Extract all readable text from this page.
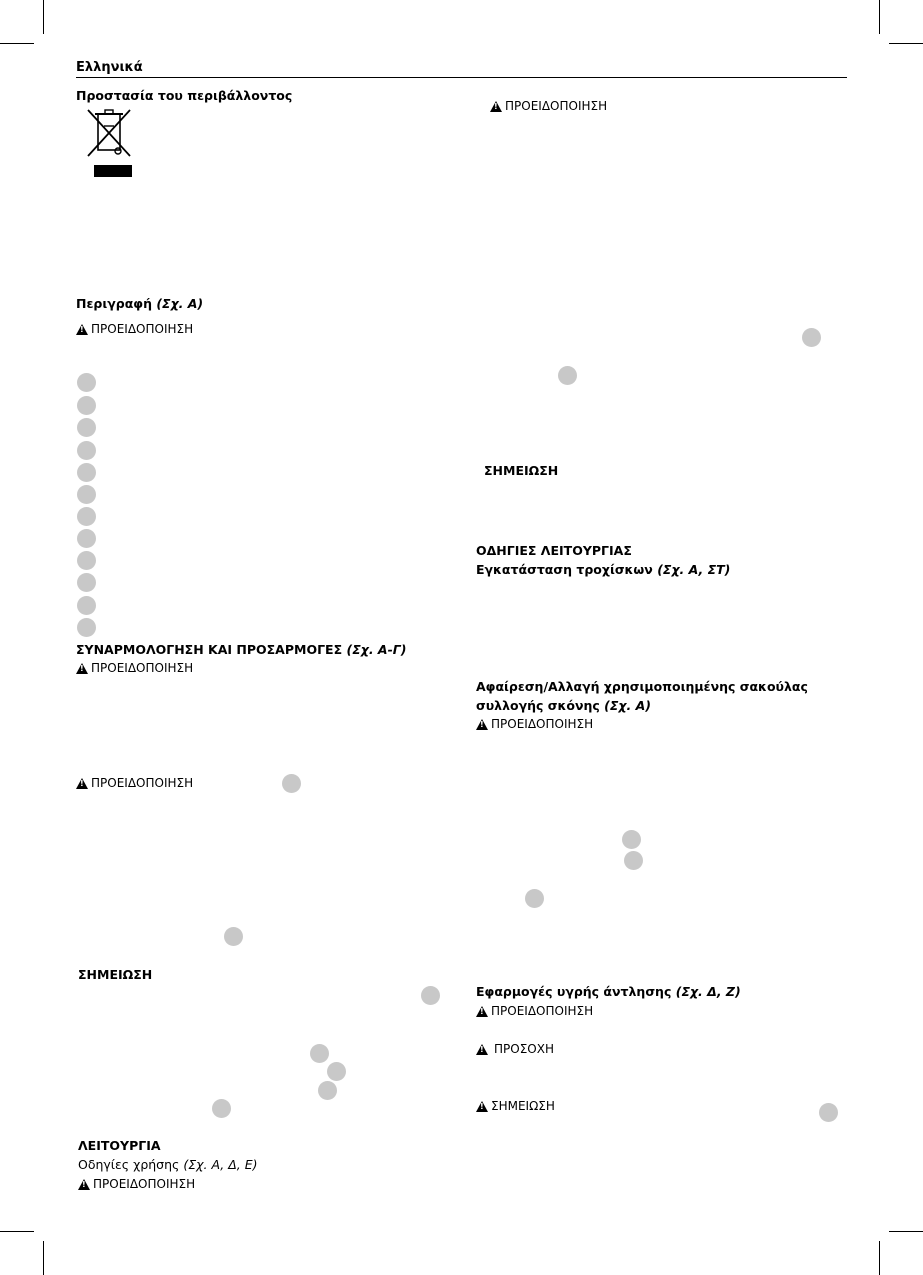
Ελληνικά
Προστασία του περιβάλλοντος
Περιγραφή (Σχ. A)
!
ΠΡΟΕΙΔΟΠΟΙΗΣΗ
ΣΥΝΑΡΜΟΛΟΓΗΣΗ ΚΑΙ ΠΡΟΣΑΡΜΟΓΕΣ (Σχ. A-Γ)
!
ΠΡΟΕΙΔΟΠΟΙΗΣΗ
!
ΠΡΟΕΙΔΟΠΟΙΗΣΗ
ΣΗΜΕΙΩΣΗ
ΛΕΙΤΟΥΡΓΙΑ
Οδηγίες χρήσης (Σχ. A, Δ, E)
!
ΠΡΟΕΙΔΟΠΟΙΗΣΗ
!
ΠΡΟΕΙΔΟΠΟΙΗΣΗ
ΣΗΜΕΙΩΣΗ
ΟΔΗΓΙΕΣ ΛΕΙΤΟΥΡΓΙΑΣ
Εγκατάσταση τροχίσκων (Σχ. A, ΣΤ)
Αφαίρεση/Αλλαγή χρησιμοποιημένης σακούλας
συλλογής σκόνης (Σχ. A)
!
ΠΡΟΕΙΔΟΠΟΙΗΣΗ
Εφαρμογές υγρής άντλησης (Σχ. Δ, Z)
!
ΠΡΟΕΙΔΟΠΟΙΗΣΗ
!
ΠΡΟΣΟΧΗ
!
ΣΗΜΕΙΩΣΗ
